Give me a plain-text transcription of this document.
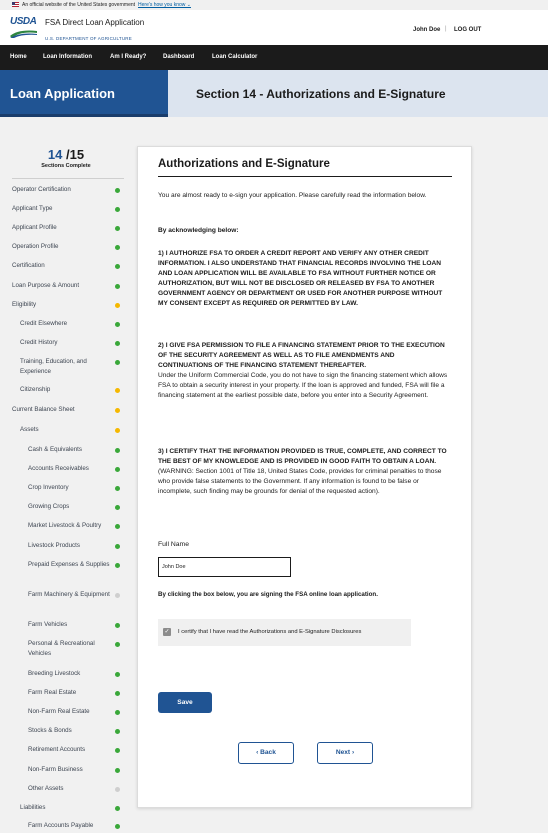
An official website of the United States government Here's how you know ⌄
USDA FSA Direct Loan Application
U.S. DEPARTMENT OF AGRICULTURE
John Doe | LOG OUT
Home	Loan Information	Am I Ready?	Dashboard	Loan Calculator
Loan Application	Section 14 - Authorizations and E-Signature
14 /15
Sections Complete
Operator Certification
Applicant Type
Applicant Profile
Operation Profile
Certification
Loan Purpose & Amount
Eligibility
Credit Elsewhere
Credit History
Training, Education, and Experience
Citizenship
Current Balance Sheet
Assets
Cash & Equivalents
Accounts Receivables
Crop Inventory
Growing Crops
Market Livestock & Poultry
Livestock Products
Prepaid Expenses & Supplies
Farm Machinery & Equipment
Farm Vehicles
Personal & Recreational Vehicles
Breeding Livestock
Farm Real Estate
Non-Farm Real Estate
Stocks & Bonds
Retirement Accounts
Non-Farm Business
Other Assets
Liabilities
Farm Accounts Payable
Authorizations and E-Signature
You are almost ready to e-sign your application. Please carefully read the information below.
By acknowledging below:
1) I AUTHORIZE FSA TO ORDER A CREDIT REPORT AND VERIFY ANY OTHER CREDIT INFORMATION. I ALSO UNDERSTAND THAT FINANCIAL RECORDS INVOLVING THE LOAN AND LOAN APPLICATION WILL BE AVAILABLE TO FSA WITHOUT FURTHER NOTICE OR AUTHORIZATION, BUT WILL NOT BE DISCLOSED OR RELEASED BY FSA TO ANOTHER GOVERNMENT AGENCY OR DEPARTMENT OR USED FOR ANOTHER PURPOSE WITHOUT MY CONSENT EXCEPT AS REQUIRED OR PERMITTED BY LAW.
2) I GIVE FSA PERMISSION TO FILE A FINANCING STATEMENT PRIOR TO THE EXECUTION OF THE SECURITY AGREEMENT AS WELL AS TO FILE AMENDMENTS AND CONTINUATIONS OF THE FINANCING STATEMENT THEREAFTER.
Under the Uniform Commercial Code, you do not have to sign the financing statement which allows FSA to obtain a security interest in your property. If the loan is approved and funded, FSA will file a financing statement at the earliest possible date, before you enter into a Security Agreement.
3) I CERTIFY THAT THE INFORMATION PROVIDED IS TRUE, COMPLETE, AND CORRECT TO THE BEST OF MY KNOWLEDGE AND IS PROVIDED IN GOOD FAITH TO OBTAIN A LOAN.
(WARNING: Section 1001 of Title 18, United States Code, provides for criminal penalties to those who provide false statements to the Government. If any information is found to be false or incomplete, such finding may be grounds for denial of the requested action).
Full Name
John Doe
By clicking the box below, you are signing the FSA online loan application.
✓ I certify that I have read the Authorizations and E-Signature Disclosures
Save
‹ Back	Next ›
